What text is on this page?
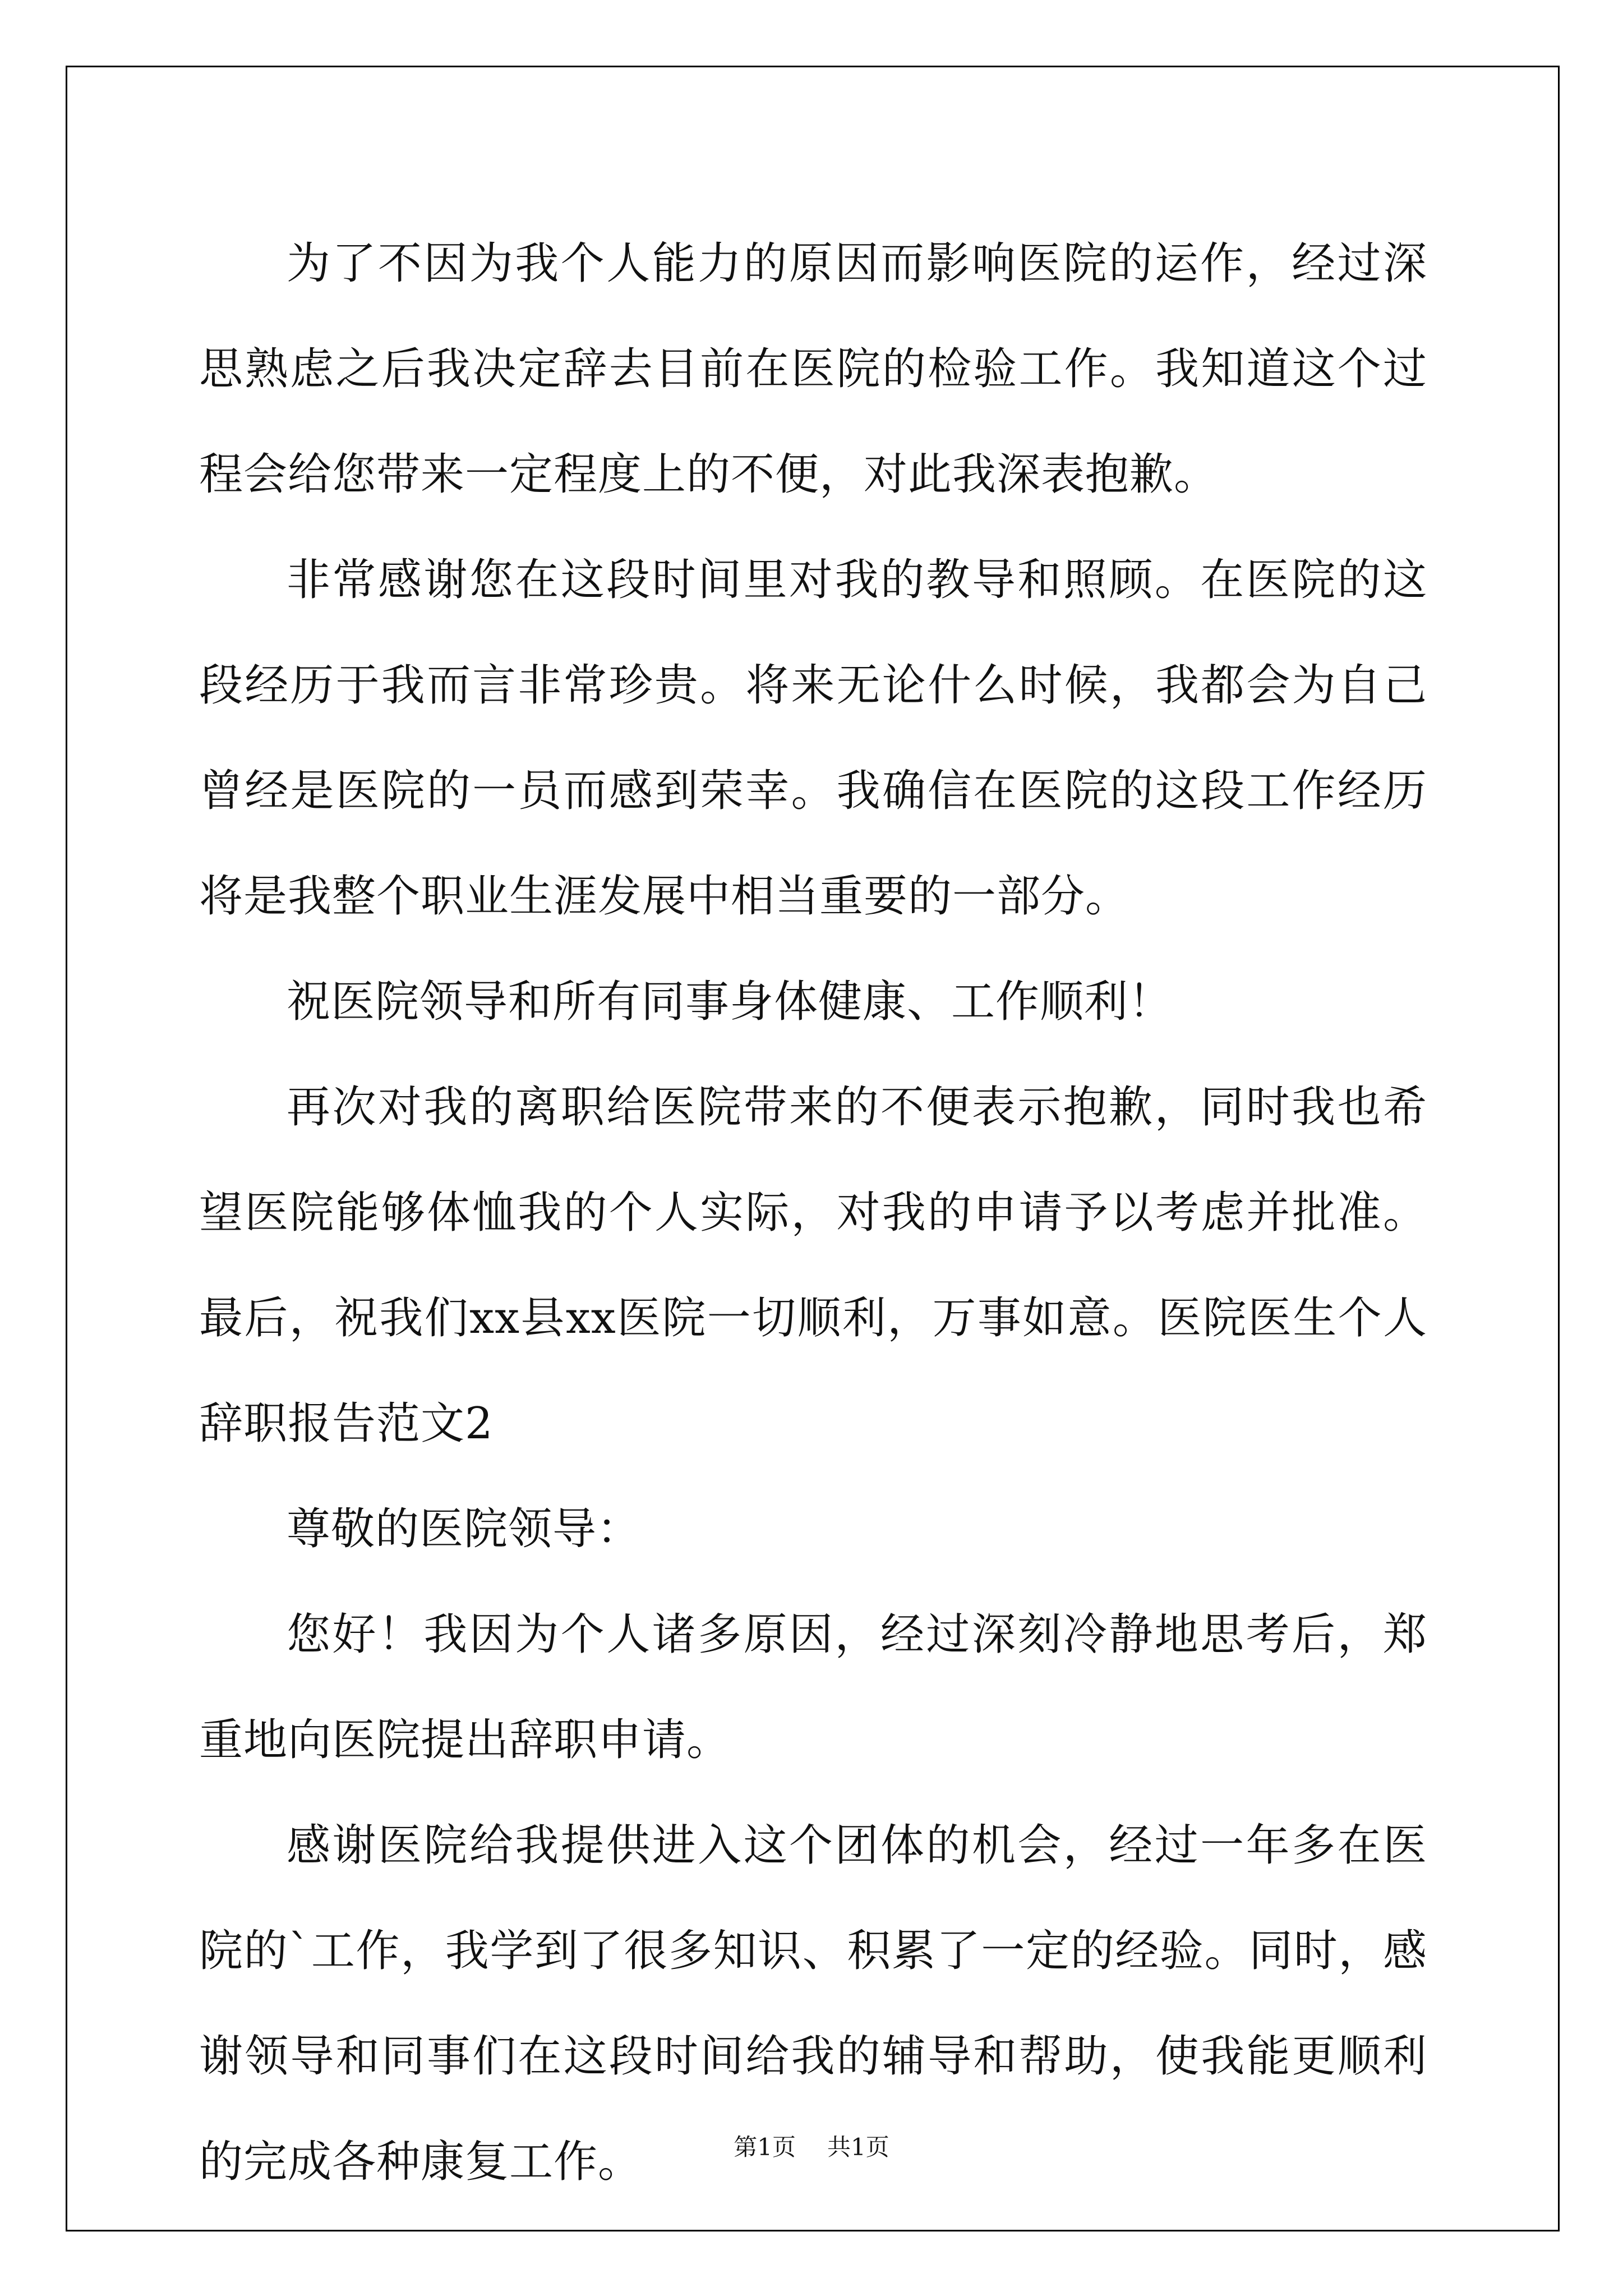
为了不因为我个人能力的原因而影响医院的运作，经过深思熟虑之后我决定辞去目前在医院的检验工作。我知道这个过程会给您带来一定程度上的不便，对此我深表抱歉。

非常感谢您在这段时间里对我的教导和照顾。在医院的这段经历于我而言非常珍贵。将来无论什么时候，我都会为自己曾经是医院的一员而感到荣幸。我确信在医院的这段工作经历将是我整个职业生涯发展中相当重要的一部分。

祝医院领导和所有同事身体健康、工作顺利！

再次对我的离职给医院带来的不便表示抱歉，同时我也希望医院能够体恤我的个人实际，对我的申请予以考虑并批准。最后，祝我们xx县xx医院一切顺利，万事如意。医院医生个人辞职报告范文2

尊敬的医院领导：

您好！我因为个人诸多原因，经过深刻冷静地思考后，郑重地向医院提出辞职申请。

感谢医院给我提供进入这个团体的机会，经过一年多在医院的`工作，我学到了很多知识、积累了一定的经验。同时，感谢领导和同事们在这段时间给我的辅导和帮助，使我能更顺利的完成各种康复工作。	第1页 共1页
